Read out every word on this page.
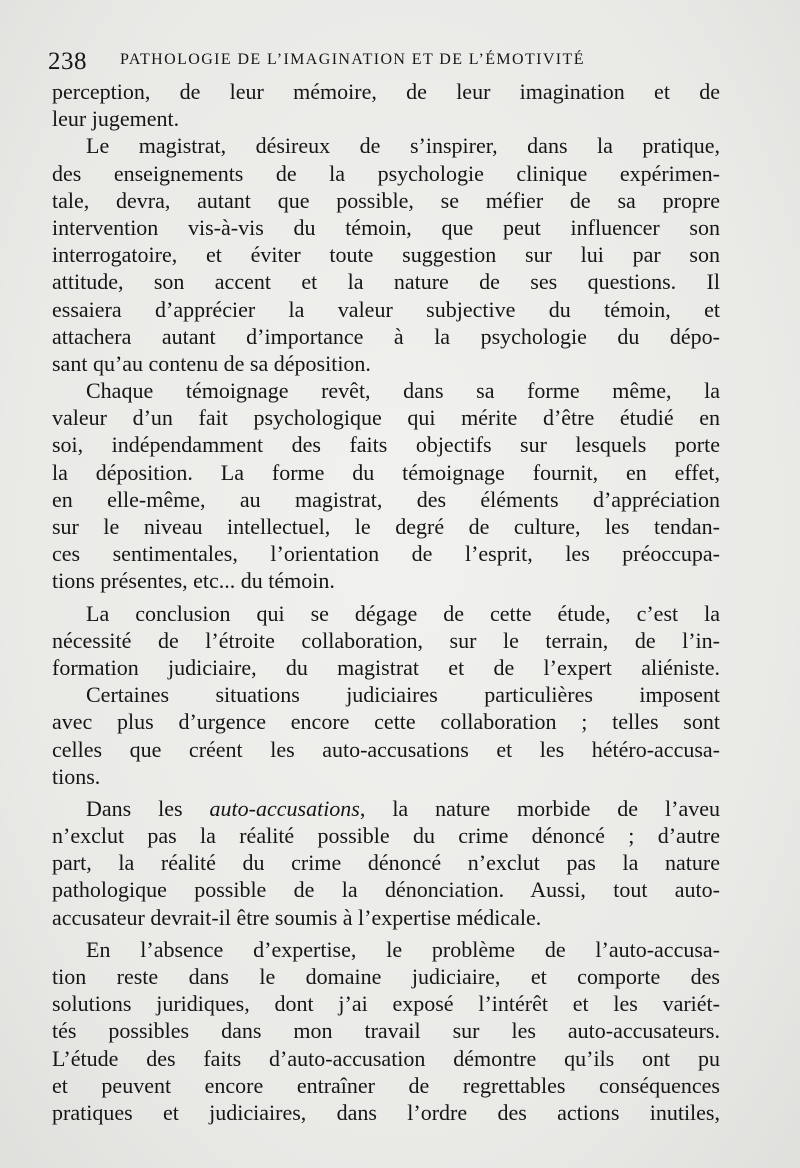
238 PATHOLOGIE DE L’IMAGINATION ET DE L’ÉMOTIVITÉ
perception, de leur mémoire, de leur imagination et de
leur jugement.
Le magistrat, désireux de s’inspirer, dans la pratique,
des enseignements de la psychologie clinique expérimen-
tale, devra, autant que possible, se méfier de sa propre
intervention vis-à-vis du témoin, que peut influencer son
interrogatoire, et éviter toute suggestion sur lui par son
attitude, son accent et la nature de ses questions. Il
essaiera d’apprécier la valeur subjective du témoin, et
attachera autant d’importance à la psychologie du dépo-
sant qu’au contenu de sa déposition.
Chaque témoignage revêt, dans sa forme même, la
valeur d’un fait psychologique qui mérite d’être étudié en
soi, indépendamment des faits objectifs sur lesquels porte
la déposition. La forme du témoignage fournit, en effet,
en elle-même, au magistrat, des éléments d’appréciation
sur le niveau intellectuel, le degré de culture, les tendan-
ces sentimentales, l’orientation de l’esprit, les préoccupa-
tions présentes, etc... du témoin.
La conclusion qui se dégage de cette étude, c’est la
nécessité de l’étroite collaboration, sur le terrain, de l’in-
formation judiciaire, du magistrat et de l’expert aliéniste.
Certaines situations judiciaires particulières imposent
avec plus d’urgence encore cette collaboration ; telles sont
celles que créent les auto-accusations et les hétéro-accusa-
tions.
Dans les auto-accusations, la nature morbide de l’aveu
n’exclut pas la réalité possible du crime dénoncé ; d’autre
part, la réalité du crime dénoncé n’exclut pas la nature
pathologique possible de la dénonciation. Aussi, tout auto-
accusateur devrait-il être soumis à l’expertise médicale.
En l’absence d’expertise, le problème de l’auto-accusa-
tion reste dans le domaine judiciaire, et comporte des
solutions juridiques, dont j’ai exposé l’intérêt et les variét-
tés possibles dans mon travail sur les auto-accusateurs.
L’étude des faits d’auto-accusation démontre qu’ils ont pu
et peuvent encore entraîner de regrettables conséquences
pratiques et judiciaires, dans l’ordre des actions inutiles,
